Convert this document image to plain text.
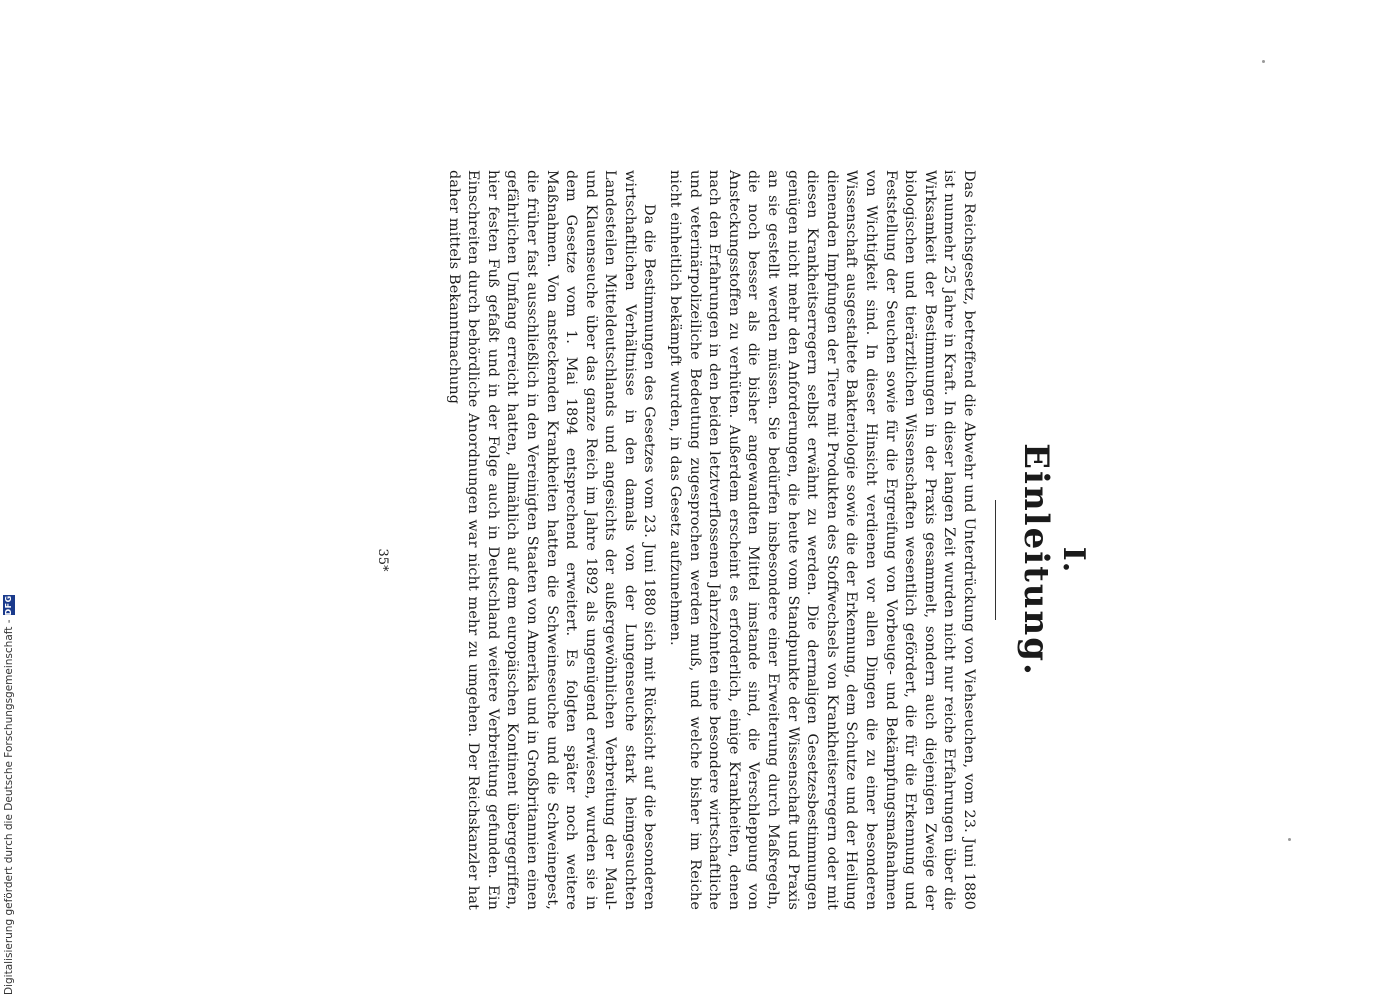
I.
Einleitung.

Das Reichsgesetz, betreffend die Abwehr und Unterdrückung von Viehseuchen, vom 23. Juni 1880 ist nunmehr 25 Jahre in Kraft. In dieser langen Zeit wurden nicht nur reiche Erfahrungen über die Wirksamkeit der Bestimmungen in der Praxis gesammelt, sondern auch diejenigen Zweige der biologischen und tierärztlichen Wissenschaften wesentlich gefördert, die für die Erkennung und Feststellung der Seuchen sowie für die Ergreifung von Vorbeuge- und Bekämpfungsmaßnahmen von Wichtigkeit sind. In dieser Hinsicht verdienen vor allen Dingen die zu einer besonderen Wissenschaft ausgestaltete Bakteriologie sowie die der Erkennung, dem Schutze und der Heilung dienenden Impfungen der Tiere mit Produkten des Stoffwechsels von Krankheitserregern oder mit diesen Krankheitserregern selbst erwähnt zu werden. Die dermaligen Gesetzesbestimmungen genügen nicht mehr den Anforderungen, die heute vom Standpunkte der Wissenschaft und Praxis an sie gestellt werden müssen. Sie bedürfen insbesondere einer Erweiterung durch Maßregeln, die noch besser als die bisher angewandten Mittel imstande sind, die Verschleppung von Ansteckungsstoffen zu verhüten. Außerdem erscheint es erforderlich, einige Krankheiten, denen nach den Erfahrungen in den beiden letztverflossenen Jahrzehnten eine besondere wirtschaftliche und veterinärpolizeiliche Bedeutung zugesprochen werden muß, und welche bisher im Reiche nicht einheitlich bekämpft wurden, in das Gesetz aufzunehmen.

Da die Bestimmungen des Gesetzes vom 23. Juni 1880 sich mit Rücksicht auf die besonderen wirtschaftlichen Verhältnisse in den damals von der Lungenseuche stark heimgesuchten Landesteilen Mitteldeutschlands und angesichts der außergewöhnlichen Verbreitung der Maul- und Klauenseuche über das ganze Reich im Jahre 1892 als ungenügend erwiesen, wurden sie in dem Gesetze vom 1. Mai 1894 entsprechend erweitert. Es folgten später noch weitere Maßnahmen. Von ansteckenden Krankheiten hatten die Schweineseuche und die Schweinepest, die früher fast ausschließlich in den Vereinigten Staaten von Amerika und in Großbritannien einen gefährlichen Umfang erreicht hatten, allmählich auf dem europäischen Kontinent übergegriffen, hier festen Fuß gefaßt und in der Folge auch in Deutschland weitere Verbreitung gefunden. Ein Einschreiten durch behördliche Anordnungen war nicht mehr zu umgehen. Der Reichskanzler hat daher mittels Bekanntmachung

35*
Digitalisierung gefördert durch die Deutsche Forschungsgemeinschaft -
DFG
